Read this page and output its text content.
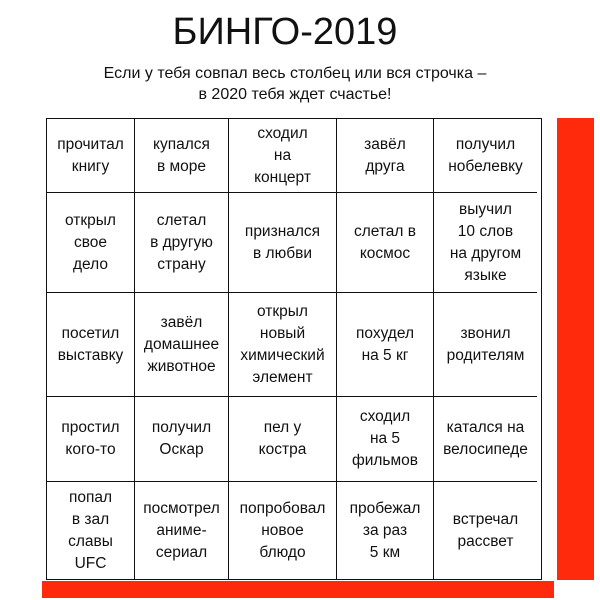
БИНГО-2019
Если у тебя совпал весь столбец или вся строчка –
в 2020 тебя ждет счастье!
прочитал
книгу
купался
в море
сходил
на
концерт
завёл
друга
получил
нобелевку
открыл
свое
дело
слетал
в другую
страну
признался
в любви
слетал в
космос
выучил
10 слов
на другом
языке
посетил
выставку
завёл
домашнее
животное
открыл
новый
химический
элемент
похудел
на 5 кг
звонил
родителям
простил
кого-то
получил
Оскар
пел у
костра
сходил
на 5
фильмов
катался на
велосипеде
попал
в зал
славы
UFC
посмотрел
аниме-
сериал
попробовал
новое
блюдо
пробежал
за раз
5 км
встречал
рассвет
